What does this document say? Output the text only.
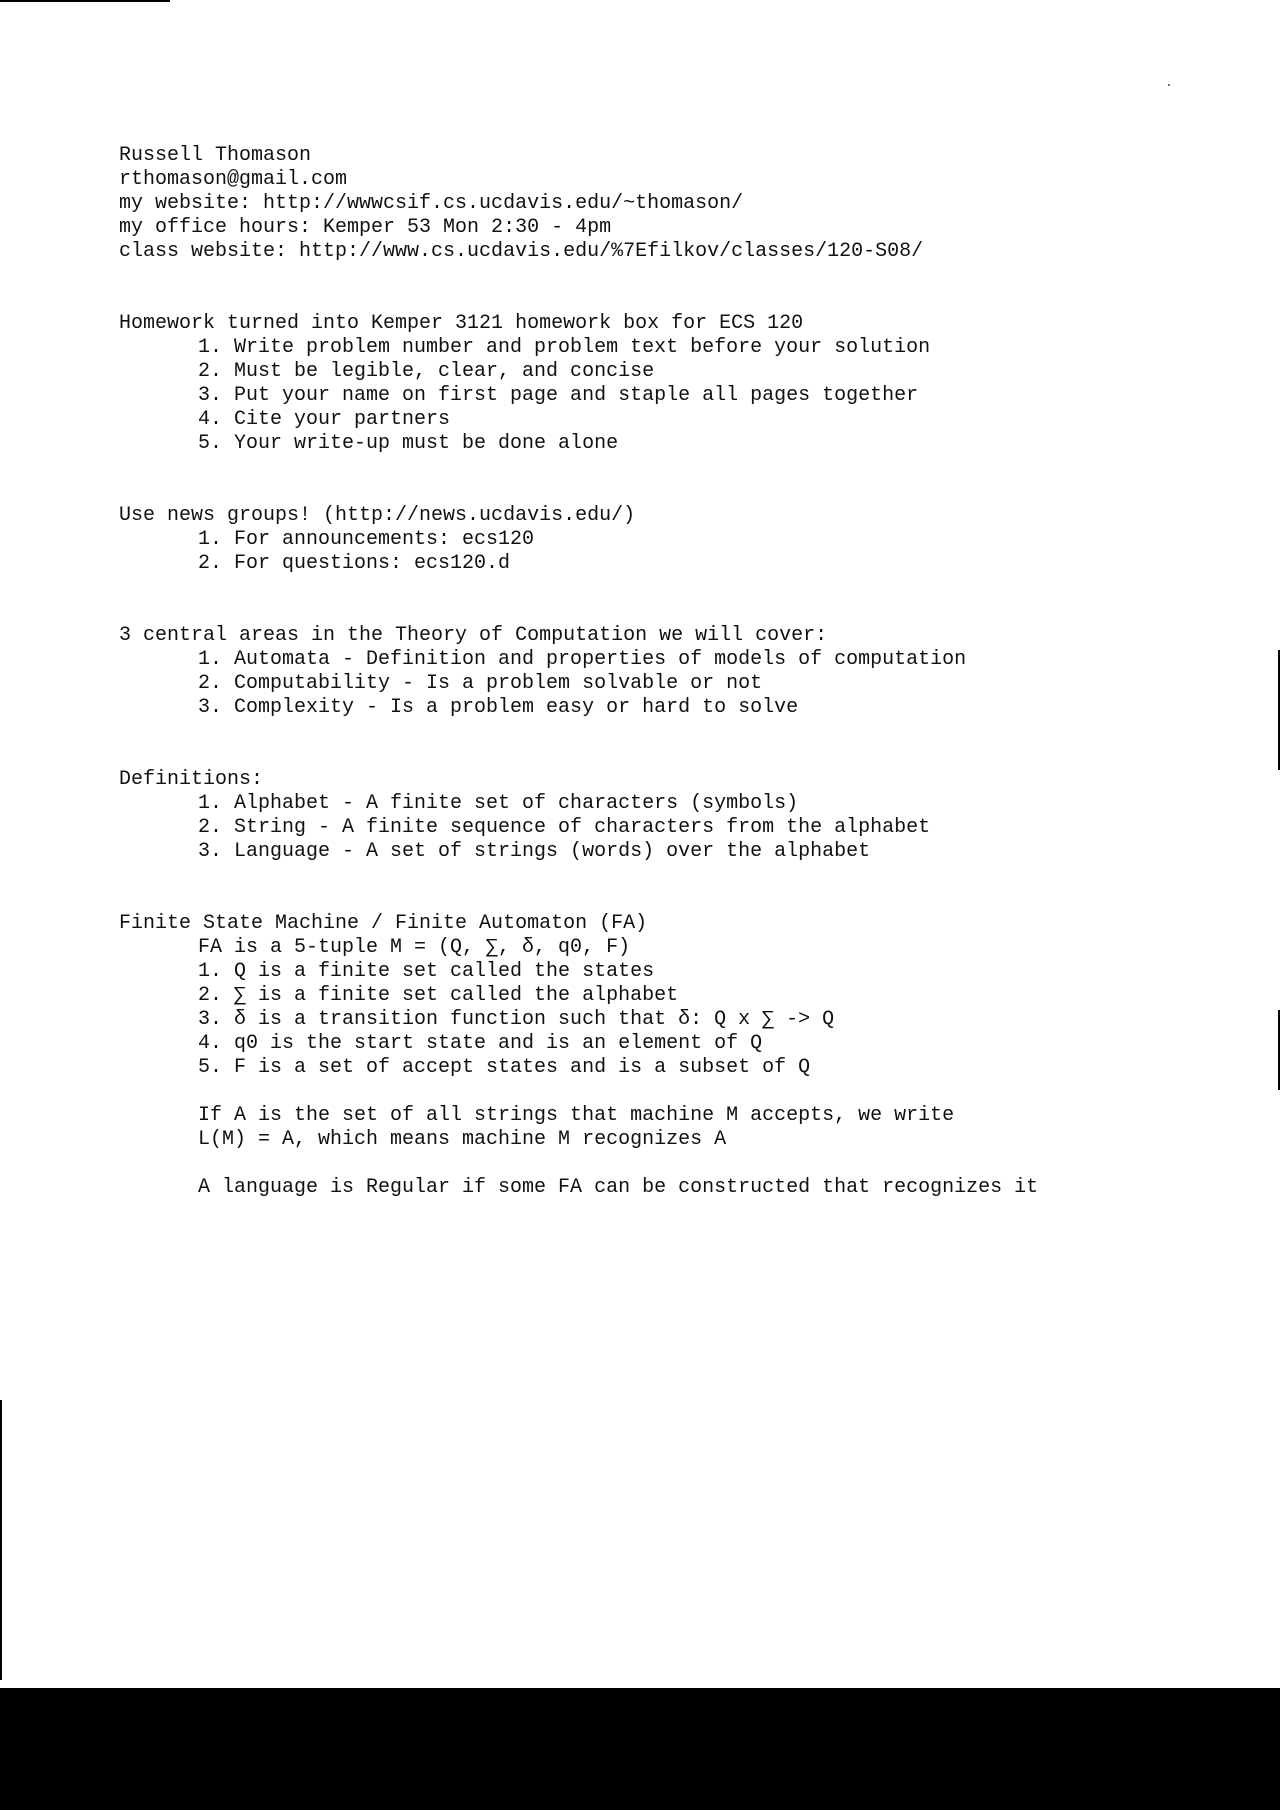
Russell Thomason
rthomason@gmail.com
my website: http://wwwcsif.cs.ucdavis.edu/~thomason/
my office hours: Kemper 53 Mon 2:30 - 4pm
class website: http://www.cs.ucdavis.edu/%7Efilkov/classes/120-S08/
Homework turned into Kemper 3121 homework box for ECS 120
1. Write problem number and problem text before your solution
2. Must be legible, clear, and concise
3. Put your name on first page and staple all pages together
4. Cite your partners
5. Your write-up must be done alone
Use news groups! (http://news.ucdavis.edu/)
1. For announcements: ecs120
2. For questions: ecs120.d
3 central areas in the Theory of Computation we will cover:
1. Automata - Definition and properties of models of computation
2. Computability - Is a problem solvable or not
3. Complexity - Is a problem easy or hard to solve
Definitions:
1. Alphabet - A finite set of characters (symbols)
2. String - A finite sequence of characters from the alphabet
3. Language - A set of strings (words) over the alphabet
Finite State Machine / Finite Automaton (FA)
FA is a 5-tuple M = (Q, ∑, δ, q0, F)
1. Q is a finite set called the states
2. ∑ is a finite set called the alphabet
3. δ is a transition function such that δ: Q x ∑ -> Q
4. q0 is the start state and is an element of Q
5. F is a set of accept states and is a subset of Q
If A is the set of all strings that machine M accepts, we write
L(M) = A, which means machine M recognizes A
A language is Regular if some FA can be constructed that recognizes it
